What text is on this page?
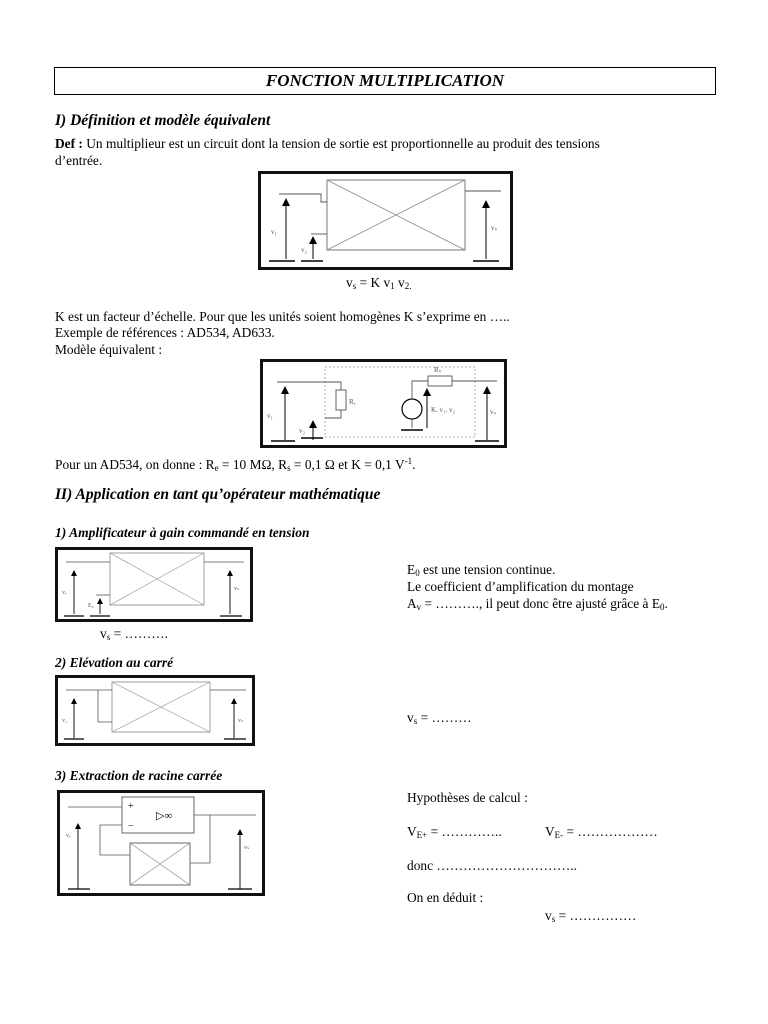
FONCTION MULTIPLICATION
I) Définition et modèle équivalent
Def : Un multiplieur est un circuit dont la tension de sortie est proportionnelle au produit des tensions
d’entrée.
v₁
v₂
vₛ
$v_s = K$ $v_1$ $v_{2.}$
K est un facteur d’échelle. Pour que les unités soient homogènes K s’exprime en …..
Exemple de références : AD534, AD633.
Modèle équivalent :
Rₑ
Rₛ
K. v₁. v₂
v₁
v₂
vₛ
Pour un AD534, on donne : $R_e = 10$ MΩ, $R_s = 0,1$ Ω et K = 0,1 $V^{-1}$.
II) Application en tant qu’opérateur mathématique
1) Amplificateur à gain commandé en tension
vₑ
E₀
vₛ
$v_s$ = ……….
$E_0$ est une tension continue.
Le coefficient d’amplification du montage
$A_v$ = ………., il peut donc être ajusté grâce à $E_0$.
2) Elévation au carré
v₁	vₛ	$v_s$ = ………
3) Extraction de racine carrée
+
−
▷∞
vₑ
vₛ
Hypothèses de calcul :
$V_{E+}$ = …………..	$V_{E-}$ = ………………
donc …………………………..
On en déduit :
$v_s$ = ……………
